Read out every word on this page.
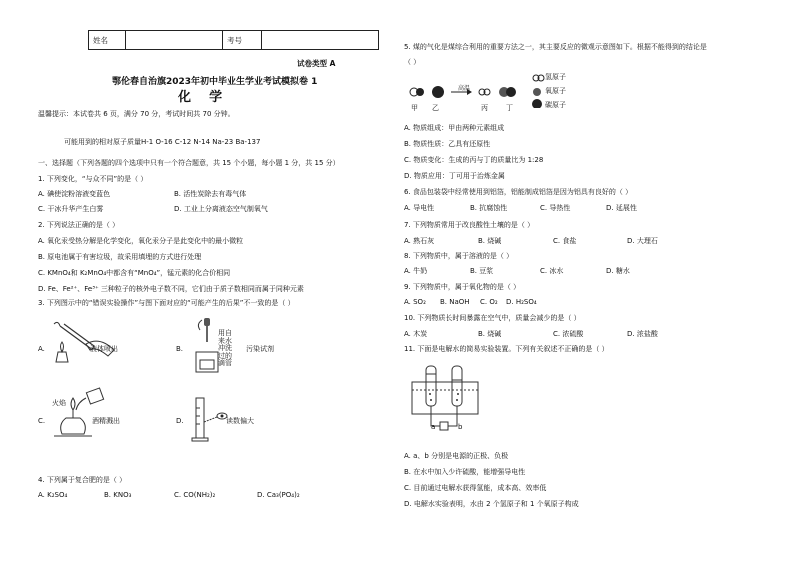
姓名		考号	
试卷类型 A
鄂伦春自治旗2023年初中毕业生学业考试模拟卷 1
化    学
温馨提示：本试卷共 6 页，满分 70 分，考试时间共 70 分钟。
可能用到的相对原子质量H-1 O-16 C-12 N-14 Na-23 Ba-137
一、选择题（下列各题的四个选项中只有一个符合题意，共 15 个小题，每小题 1 分，共 15 分）
1. 下列变化，“与众不同”的是（ ）
A. 碘使淀粉溶液变蓝色	B. 活性炭除去有毒气体
C. 干冰升华产生白雾	D. 工业上分离液态空气制氧气
2. 下列说法正确的是（ ）
A. 氧化汞受热分解是化学变化，氧化汞分子是此变化中的最小微粒
B. 原电池属于有害垃圾，故采用填埋的方式进行处理
C. KMnO₄和 K₂MnO₄中都含有“MnO₄”，锰元素的化合价相同
D. Fe、Fe²⁺、Fe³⁺ 三种粒子的核外电子数不同，它们由于质子数相同而属于同种元素
3. 下列图示中的“错误实验操作”与图下面对应的“可能产生的后果”不一致的是（ ）
A.	液体喷出	B.
用自
来水
冲洗
过的
滴管
污染试剂
C.
火焰
酒精溅出	D.	读数偏大
4. 下列属于复合肥的是（ ）
A. K₂SO₄	B. KNO₃	C. CO(NH₂)₂	D. Ca₃(PO₄)₂
5. 煤的气化是煤综合利用的重要方法之一，其主要反应的微观示意图如下。根据不能得到的结论是
（ ）
高温
甲 乙	丙	丁
氢原子
氧原子
碳原子
A. 物质组成：甲由两种元素组成
B. 物质性质：乙具有还原性
C. 物质变化：生成的丙与丁的质量比为 1:28
D. 物质应用：丁可用于治炼金属
6. 食品包装袋中经常使用到铝箔，铝能制成铝箔是因为铝具有良好的（ ）
A. 导电性	B. 抗腐蚀性	C. 导热性	D. 延展性
7. 下列物质常用于改良酸性土壤的是（ ）
A. 熟石灰	B. 烧碱	C. 食盐	D. 大理石
8. 下列物质中，属于溶液的是（ ）
A. 牛奶	B. 豆浆	C. 冰水	D. 糖水
9. 下列物质中，属于氧化物的是（ ）
A. SO₂ B. NaOH C. O₂ D. H₂SO₄
10. 下列物质长时间暴露在空气中，质量会减少的是（ ）
A. 木炭	B. 烧碱	C. 浓硫酸	D. 浓盐酸
11. 下面是电解水的简易实验装置。下列有关叙述不正确的是（ ）
a	b
A. a、b 分别是电源的正极、负极
B. 在水中加入少许硫酸，能增强导电性
C. 目前通过电解水获得氢能，成本高、效率低
D. 电解水实验表明，水由 2 个氢原子和 1 个氧原子构成
